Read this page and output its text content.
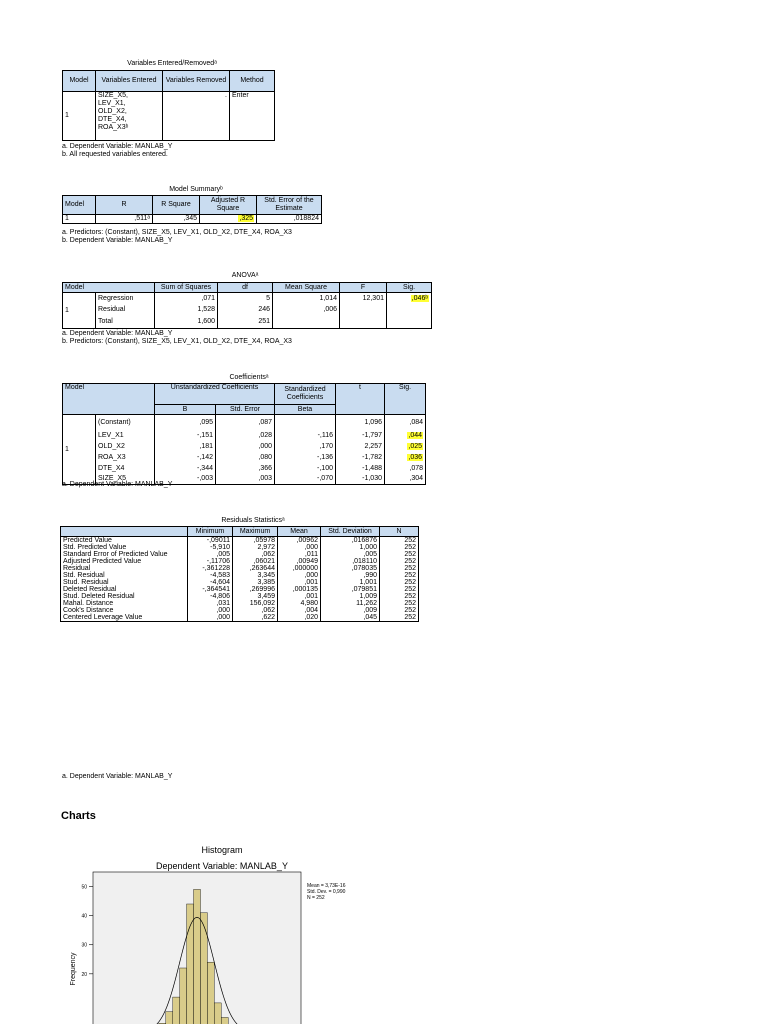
Variables Entered/Removedᵃ
Model	Variables Entered	Variables Removed	Method
1	SIZE_X5,
LEV_X1,
OLD_X2,
DTE_X4,
ROA_X3ᵇ	.	Enter
a. Dependent Variable: MANLAB_Y
b. All requested variables entered.
Model Summaryᵇ
Model	R	R Square	Adjusted R Square	Std. Error of the Estimate
1	,511ᵃ	,345	,325	,018824
a. Predictors: (Constant), SIZE_X5, LEV_X1, OLD_X2, DTE_X4, ROA_X3
b. Dependent Variable: MANLAB_Y
ANOVAᵃ
Model		Sum of Squares	df	Mean Square	F	Sig.
1	Regression	,071	5	1,014	12,301	,046ᵇ
	Residual	1,528	246	,006		
	Total	1,600	251			
a. Dependent Variable: MANLAB_Y
b. Predictors: (Constant), SIZE_X5, LEV_X1, OLD_X2, DTE_X4, ROA_X3
Coefficientsᵃ
Model		Unstandardized Coefficients		Standardized Coefficients	t	Sig.
		B	Std. Error	Beta		
1	(Constant)	,095	,087		1,096	,084
	LEV_X1	-,151	,028	-,116	-1,797	,044
	OLD_X2	,181	,000	,170	2,257	,025
	ROA_X3	-,142	,080	-,136	-1,782	,036
	DTE_X4	-,344	,366	-,100	-1,488	,078
	SIZE_X5	-,003	,003	-,070	-1,030	,304
a. Dependent Variable: MANLAB_Y
Residuals Statisticsᵃ
	Minimum	Maximum	Mean	Std. Deviation	N
Predicted Value	-,09011	,05978	,00962	,016876	252
Std. Predicted Value	-5,910	2,972	,000	1,000	252
Standard Error of Predicted Value	,005	,062	,011	,005	252
Adjusted Predicted Value	-,11706	,06021	,00949	,018110	252
Residual	-,361228	,263644	,000000	,078035	252
Std. Residual	-4,583	3,345	,000	,990	252
Stud. Residual	-4,604	3,385	,001	1,001	252
Deleted Residual	-,364541	,269996	,000135	,079851	252
Stud. Deleted Residual	-4,806	3,459	,001	1,009	252
Mahal. Distance	,031	156,092	4,980	11,262	252
Cook's Distance	,000	,062	,004	,009	252
Centered Leverage Value	,000	,622	,020	,045	252
a. Dependent Variable: MANLAB_Y
Charts
Histogram
Dependent Variable: MANLAB_Y
Frequency 20
30
40
50	Mean = 3,73E-16
Std. Dev. = 0,990
N = 252
